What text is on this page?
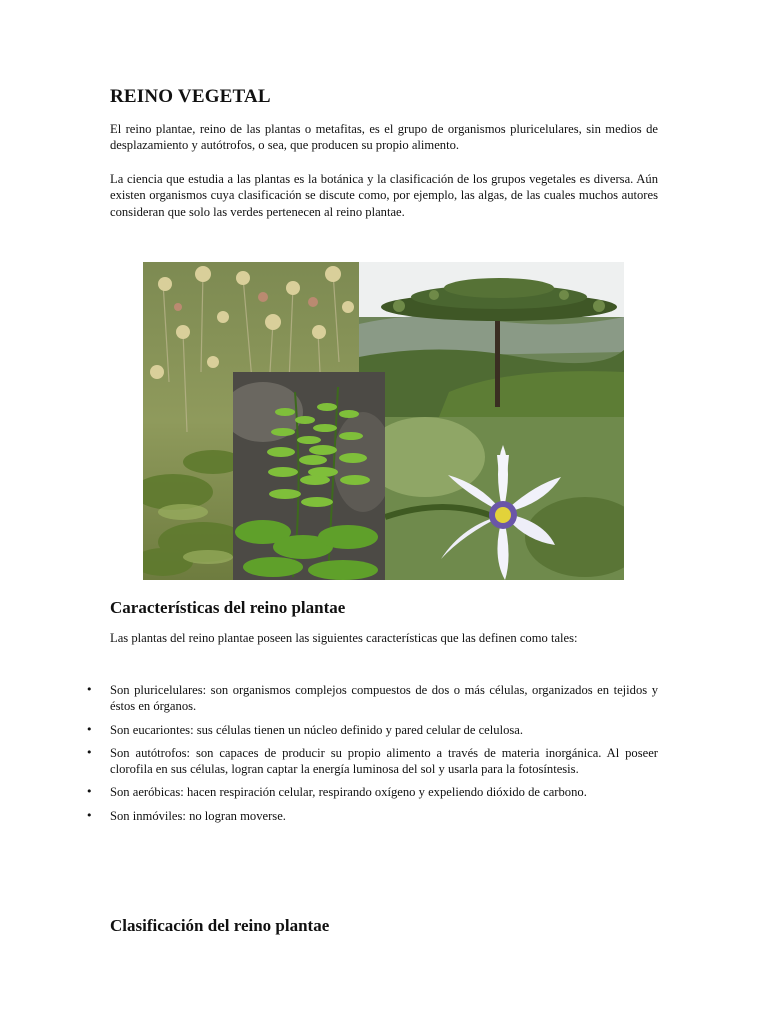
REINO VEGETAL

El reino plantae, reino de las plantas o metafitas, es el grupo de organismos pluricelulares, sin medios de desplazamiento y autótrofos, o sea, que producen su propio alimento.

La ciencia que estudia a las plantas es la botánica y la clasificación de los grupos vegetales es diversa. Aún existen organismos cuya clasificación se discute como, por ejemplo, las algas, de las cuales muchos autores consideran que solo las verdes pertenecen al reino plantae.

Características del reino plantae

Las plantas del reino plantae poseen las siguientes características que las definen como tales:

• Son pluricelulares: son organismos complejos compuestos de dos o más células, organizados en tejidos y éstos en órganos.
• Son eucariontes: sus células tienen un núcleo definido y pared celular de celulosa.
• Son autótrofos: son capaces de producir su propio alimento a través de materia inorgánica. Al poseer clorofila en sus células, logran captar la energía luminosa del sol y usarla para la fotosíntesis.
• Son aeróbicas: hacen respiración celular, respirando oxígeno y expeliendo dióxido de carbono.
• Son inmóviles: no logran moverse.
Clasificación del reino plantae
